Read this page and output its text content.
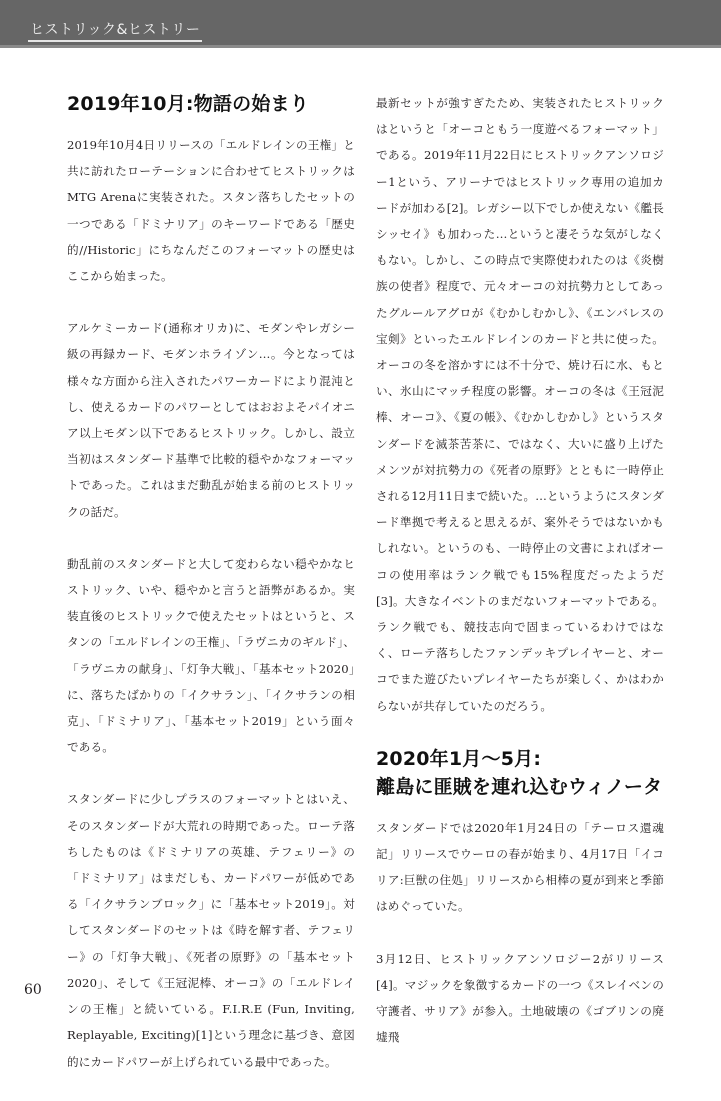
ヒストリック&ヒストリー
2019年10月:物語の始まり

2019年10月4日リリースの「エルドレインの王権」と共に訪れたローテーションに合わせてヒストリックはMTG Arenaに実装された。スタン落ちしたセットの一つである「ドミナリア」のキーワードである「歴史的//Historic」にちなんだこのフォーマットの歴史はここから始まった。

アルケミーカード(通称オリカ)に、モダンやレガシー級の再録カード、モダンホライゾン…。今となっては様々な方面から注入されたパワーカードにより混沌とし、使えるカードのパワーとしてはおおよそパイオニア以上モダン以下であるヒストリック。しかし、設立当初はスタンダード基準で比較的穏やかなフォーマットであった。これはまだ動乱が始まる前のヒストリックの話だ。

動乱前のスタンダードと大して変わらない穏やかなヒストリック、いや、穏やかと言うと語弊があるか。実装直後のヒストリックで使えたセットはというと、スタンの「エルドレインの王権」、「ラヴニカのギルド」、「ラヴニカの献身」、「灯争大戦」、「基本セット2020」に、落ちたばかりの「イクサラン」、「イクサランの相克」、「ドミナリア」、「基本セット2019」という面々である。

スタンダードに少しプラスのフォーマットとはいえ、そのスタンダードが大荒れの時期であった。ローテ落ちしたものは《ドミナリアの英雄、テフェリー》の「ドミナリア」はまだしも、カードパワーが低めである「イクサランブロック」に「基本セット2019」。対してスタンダードのセットは《時を解す者、テフェリー》の「灯争大戦」、《死者の原野》の「基本セット2020」、そして《王冠泥棒、オーコ》の「エルドレインの王権」と続いている。F.I.R.E (Fun, Inviting, Replayable, Exciting)[1]という理念に基づき、意図的にカードパワーが上げられている最中であった。

最新セットが強すぎたため、実装されたヒストリックはというと「オーコともう一度遊べるフォーマット」である。2019年11月22日にヒストリックアンソロジー1という、アリーナではヒストリック専用の追加カードが加わる[2]。レガシー以下でしか使えない《艦長シッセイ》も加わった…というと凄そうな気がしなくもない。しかし、この時点で実際使われたのは《炎樹族の使者》程度で、元々オーコの対抗勢力としてあったグルールアグロが《むかしむかし》、《エンバレスの宝剣》といったエルドレインのカードと共に使った。オーコの冬を溶かすには不十分で、焼け石に水、もとい、氷山にマッチ程度の影響。オーコの冬は《王冠泥棒、オーコ》、《夏の帳》、《むかしむかし》というスタンダードを滅茶苦茶に、ではなく、大いに盛り上げたメンツが対抗勢力の《死者の原野》とともに一時停止される12月11日まで続いた。…というようにスタンダード準拠で考えると思えるが、案外そうではないかもしれない。というのも、一時停止の文書によればオーコの使用率はランク戦でも15%程度だったようだ[3]。大きなイベントのまだないフォーマットである。ランク戦でも、競技志向で固まっているわけではなく、ローテ落ちしたファンデッキプレイヤーと、オーコでまた遊びたいプレイヤーたちが楽しく、かはわからないが共存していたのだろう。

2020年1月〜5月:
離島に匪賊を連れ込むウィノータ

スタンダードでは2020年1月24日の「テーロス還魂記」リリースでウーロの春が始まり、4月17日「イコリア:巨獣の住処」リリースから相棒の夏が到来と季節はめぐっていた。

3月12日、ヒストリックアンソロジー2がリリース[4]。マジックを象徴するカードの一つ《スレイベンの守護者、サリア》が参入。土地破壊の《ゴブリンの廃墟飛

60
